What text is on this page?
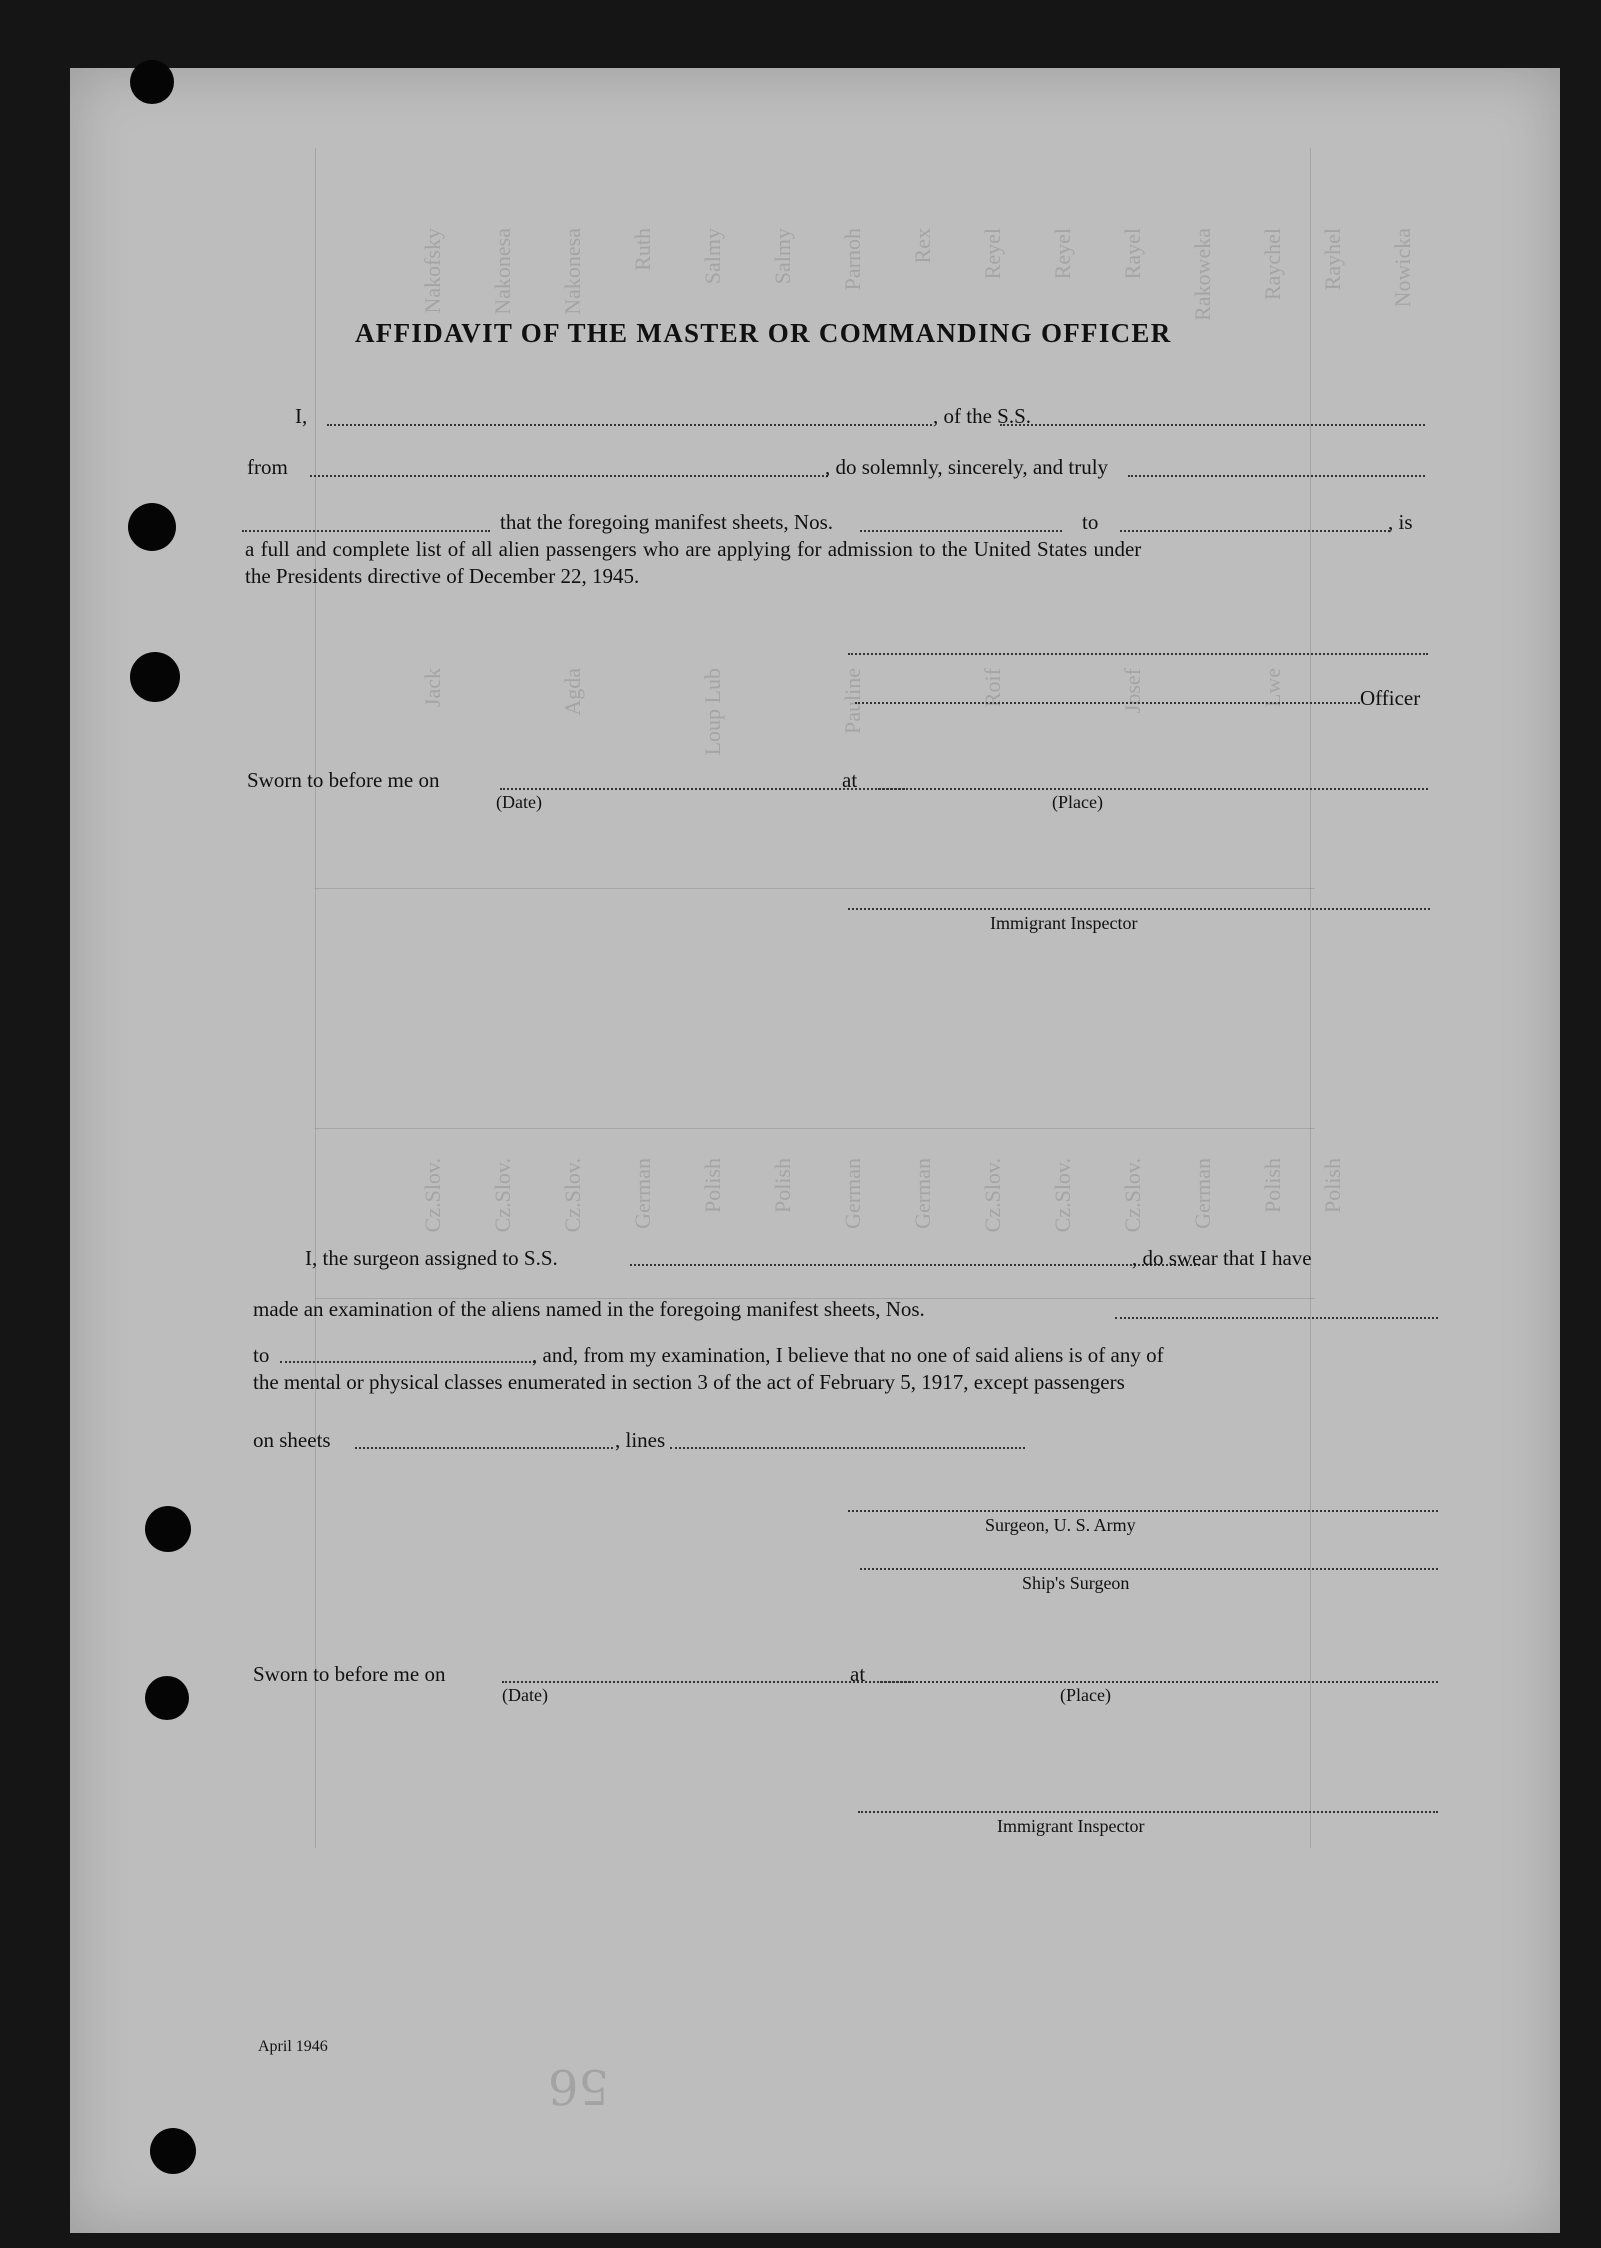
Nakofsky Nakonesa Nakonesa Ruth Salmy Salmy Parnoh Rex Reyel Reyel Rayel Rakoweka Raychel Rayhel Nowicka
Jack	Agda	Loup Lub	Pauline	Roif	Josef	Lwe
Cz.Slov. Cz.Slov. Cz.Slov. German Polish Polish German German Cz.Slov. Cz.Slov. Cz.Slov. German Polish Polish
56
AFFIDAVIT OF THE MASTER OR COMMANDING OFFICER
I,	, of the S.S.
from	, do solemnly, sincerely, and truly
that the foregoing manifest sheets, Nos.	to	, is
a full and complete list of all alien passengers who are applying for admission to the United States under
the Presidents directive of December 22, 1945.
Officer
Sworn to before me on	at
(Date)	(Place)
Immigrant Inspector
I, the surgeon assigned to S.S.	, do swear that I have
made an examination of the aliens named in the foregoing manifest sheets, Nos.
to	, and, from my examination, I believe that no one of said aliens is of any of
the mental or physical classes enumerated in section 3 of the act of February 5, 1917, except passengers
on sheets	, lines
Surgeon, U. S. Army
Ship's Surgeon
Sworn to before me on	at
(Date)	(Place)
Immigrant Inspector
April 1946
